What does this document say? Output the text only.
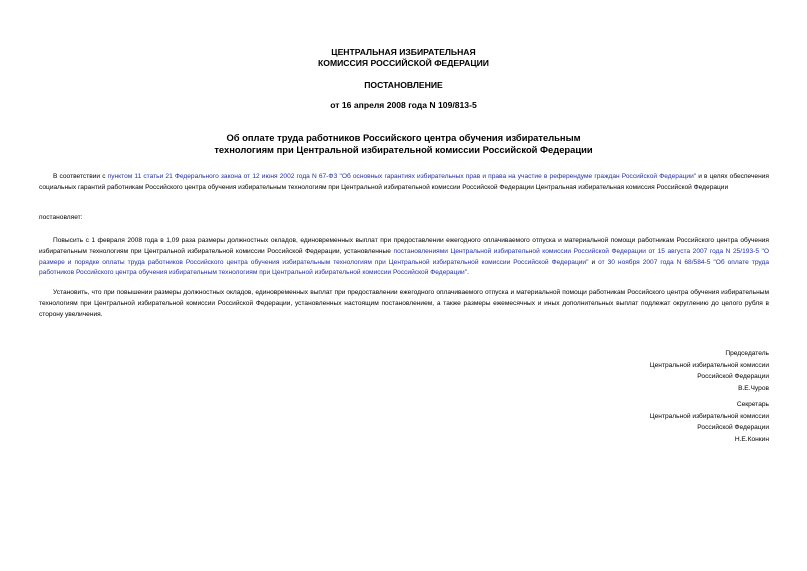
ЦЕНТРАЛЬНАЯ ИЗБИРАТЕЛЬНАЯ
КОМИССИЯ РОССИЙСКОЙ ФЕДЕРАЦИИ
ПОСТАНОВЛЕНИЕ
от 16 апреля 2008 года N 109/813-5
Об оплате труда работников Российского центра обучения избирательным
технологиям при Центральной избирательной комиссии Российской Федерации

В соответствии с пунктом 11 статьи 21 Федерального закона от 12 июня 2002 года N 67-ФЗ "Об основных гарантиях избирательных прав и права на участие в референдуме граждан Российской Федерации" и в целях обеспечения социальных гарантий работникам Российского центра обучения избирательным технологиям при Центральной избирательной комиссии Российской Федерации Центральная избирательная комиссия Российской Федерации

постановляет:

Повысить с 1 февраля 2008 года в 1,09 раза размеры должностных окладов, единовременных выплат при предоставлении ежегодного оплачиваемого отпуска и материальной помощи работникам Российского центра обучения избирательным технологиям при Центральной избирательной комиссии Российской Федерации, установленные постановлениями Центральной избирательной комиссии Российской Федерации от 15 августа 2007 года N 25/193-5 "О размере и порядке оплаты труда работников Российского центра обучения избирательным технологиям при Центральной избирательной комиссии Российской Федерации" и от 30 ноября 2007 года N 68/584-5 "Об оплате труда работников Российского центра обучения избирательным технологиям при Центральной избирательной комиссии Российской Федерации".

Установить, что при повышении размеры должностных окладов, единовременных выплат при предоставлении ежегодного оплачиваемого отпуска и материальной помощи работникам Российского центра обучения избирательным технологиям при Центральной избирательной комиссии Российской Федерации, установленных настоящим постановлением, а также размеры ежемесячных и иных дополнительных выплат подлежат округлению до целого рубля в сторону увеличения.

Председатель
Центральной избирательной комиссии
Российской Федерации
В.Е.Чуров
Секретарь
Центральной избирательной комиссии
Российской Федерации
Н.Е.Конкин
